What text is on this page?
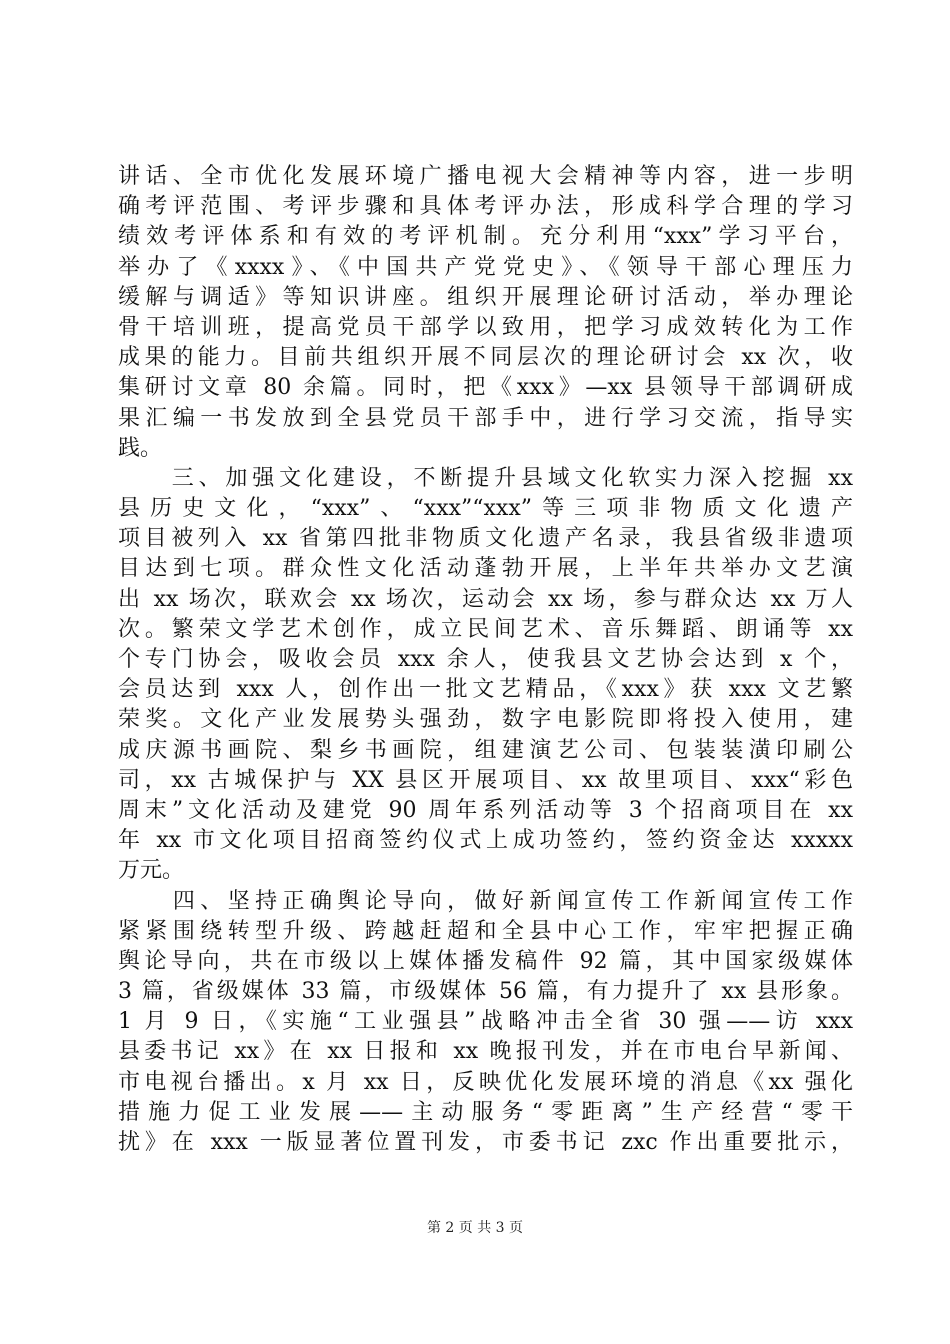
讲话、全市优化发展环境广播电视大会精神等内容，进一步明
确考评范围、考评步骤和具体考评办法，形成科学合理的学习
绩效考评体系和有效的考评机制。充分利用“xxx”学习平台，
举办了《xxxx》、《中国共产党党史》、《领导干部心理压力
缓解与调适》等知识讲座。组织开展理论研讨活动，举办理论
骨干培训班，提高党员干部学以致用，把学习成效转化为工作
成果的能力。目前共组织开展不同层次的理论研讨会 xx 次，收
集研讨文章 80 余篇。同时，把《xxx》—xx 县领导干部调研成
果汇编一书发放到全县党员干部手中，进行学习交流，指导实
践。
　　三、加强文化建设，不断提升县域文化软实力深入挖掘 xx
县历史文化，“xxx”、“xxx”“xxx”等三项非物质文化遗产
项目被列入 xx 省第四批非物质文化遗产名录，我县省级非遗项
目达到七项。群众性文化活动蓬勃开展，上半年共举办文艺演
出 xx 场次，联欢会 xx 场次，运动会 xx 场，参与群众达 xx 万人
次。繁荣文学艺术创作，成立民间艺术、音乐舞蹈、朗诵等 xx
个专门协会，吸收会员 xxx 余人，使我县文艺协会达到 x 个，
会员达到 xxx 人，创作出一批文艺精品，《xxx》获 xxx 文艺繁
荣奖。文化产业发展势头强劲，数字电影院即将投入使用，建
成庆源书画院、梨乡书画院，组建演艺公司、包装装潢印刷公
司，xx 古城保护与 XX 县区开展项目、xx 故里项目、xxx“彩色
周末”文化活动及建党 90 周年系列活动等 3 个招商项目在 xx
年 xx 市文化项目招商签约仪式上成功签约，签约资金达 xxxxx
万元。
　　四、坚持正确舆论导向，做好新闻宣传工作新闻宣传工作
紧紧围绕转型升级、跨越赶超和全县中心工作，牢牢把握正确
舆论导向，共在市级以上媒体播发稿件 92 篇，其中国家级媒体
3 篇，省级媒体 33 篇，市级媒体 56 篇，有力提升了 xx 县形象。
1 月 9 日，《实施“工业强县”战略冲击全省 30 强——访 xxx
县委书记 xx》在 xx 日报和 xx 晚报刊发，并在市电台早新闻、
市电视台播出。x 月 xx 日，反映优化发展环境的消息《xx 强化
措施力促工业发展——主动服务“零距离”生产经营“零干
扰》在 xxx 一版显著位置刊发，市委书记 zxc 作出重要批示，
第 2 页 共 3 页
